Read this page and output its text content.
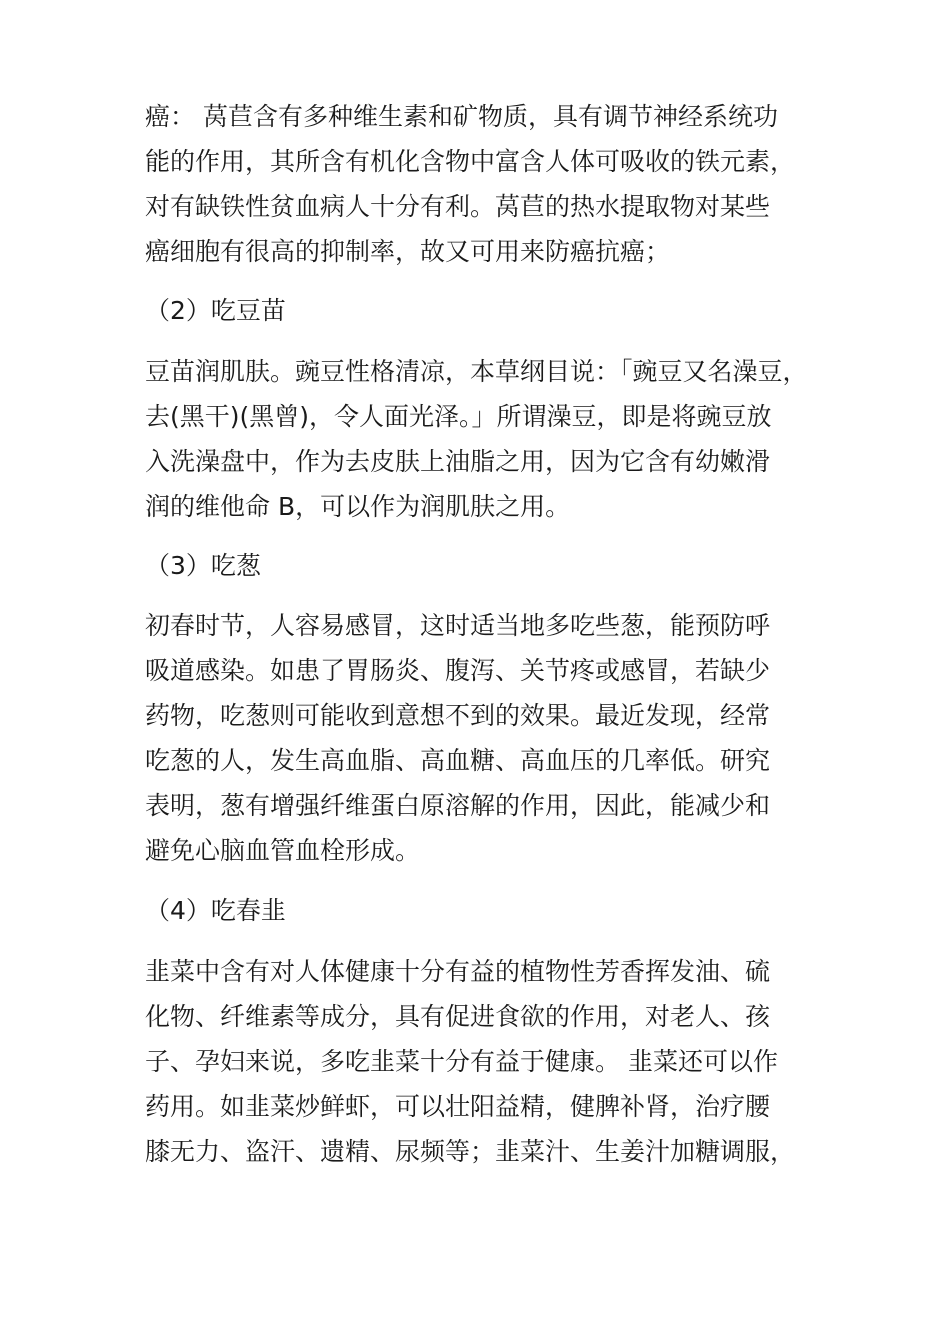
癌： 莴苣含有多种维生素和矿物质，具有调节神经系统功
能的作用，其所含有机化含物中富含人体可吸收的铁元素，
对有缺铁性贫血病人十分有利。莴苣的热水提取物对某些
癌细胞有很高的抑制率，故又可用来防癌抗癌；
（2）吃豆苗
豆苗润肌肤。豌豆性格清凉，本草纲目说：「豌豆又名澡豆，
去(黑干)(黑曾)，令人面光泽。」所谓澡豆，即是将豌豆放
入洗澡盘中，作为去皮肤上油脂之用，因为它含有幼嫩滑
润的维他命 B，可以作为润肌肤之用。
（3）吃葱
初春时节，人容易感冒，这时适当地多吃些葱，能预防呼
吸道感染。如患了胃肠炎、腹泻、关节疼或感冒，若缺少
药物，吃葱则可能收到意想不到的效果。最近发现，经常
吃葱的人，发生高血脂、高血糖、高血压的几率低。研究
表明，葱有增强纤维蛋白原溶解的作用，因此，能减少和
避免心脑血管血栓形成。
（4）吃春韭
韭菜中含有对人体健康十分有益的植物性芳香挥发油、硫
化物、纤维素等成分，具有促进食欲的作用，对老人、孩
子、孕妇来说，多吃韭菜十分有益于健康。 韭菜还可以作
药用。如韭菜炒鲜虾，可以壮阳益精，健脾补肾，治疗腰
膝无力、盗汗、遗精、尿频等；韭菜汁、生姜汁加糖调服，
